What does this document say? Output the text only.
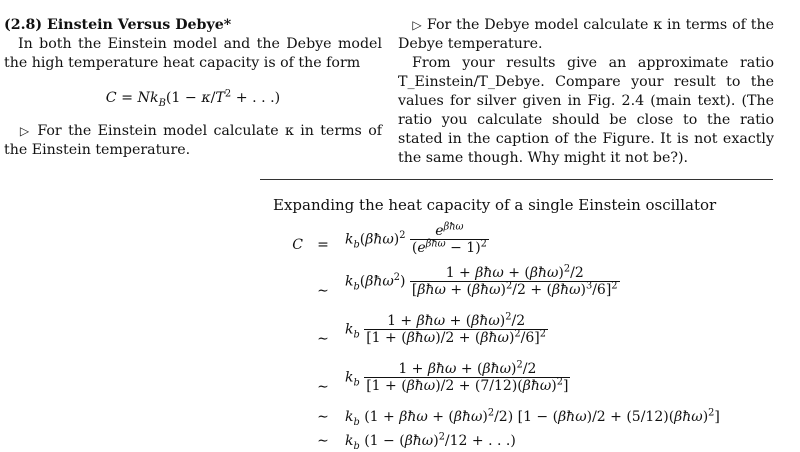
(2.8) Einstein Versus Debye*
In both the Einstein model and the Debye model the high temperature heat capacity is of the form
$C = Nk_B(1 - \kappa/T^2$ + . . .)
▷ For the Einstein model calculate κ in terms of the Einstein temperature.
▷ For the Debye model calculate κ in terms of the Debye temperature.
From your results give an approximate ratio T_Einstein/T_Debye. Compare your result to the values for silver given in Fig. 2.4 (main text). (The ratio you calculate should be close to the ratio stated in the caption of the Figure. It is not exactly the same though. Why might it not be?).
Expanding the heat capacity of a single Einstein oscillator
$C = k_b(\beta ħ\omega)^2 \frac{e^{\beta ħ\omega}}{(e^{\beta ħ\omega} - 1)^2}$
∼
$k_b(\beta ħ\omega^2) \frac{1 + \beta ħ\omega + (\beta ħ\omega)^2/2}{[\beta ħ\omega + (\beta ħ\omega)^2/2 + (\beta ħ\omega)^3/6]^2}$
∼
$k_b \frac{1 + \beta ħ\omega + (\beta ħ\omega)^2/2}{[1 + (\beta ħ\omega)/2 + (\beta ħ\omega)^2/6]^2}$
∼
$k_b \frac{1 + \beta ħ\omega + (\beta ħ\omega)^2/2}{[1 + (\beta ħ\omega)/2 + (7/12)(\beta ħ\omega)^2]}$
∼ $k_b$ (1 + βħω + (βħω)$^2$/2) [1 − (βħω)/2 + (5/12)(βħω)$^2$]
∼ $k_b$ (1 − (βħω)$^2$/12 + . . .)
